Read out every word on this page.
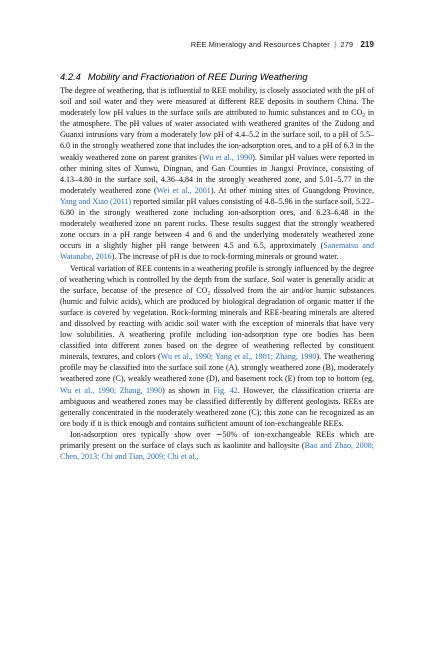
REE Mineralogy and Resources Chapter | 279 219
4.2.4 Mobility and Fractionation of REE During Weathering

The degree of weathering, that is influential to REE mobility, is closely associated with the pH of soil and soil water and they were measured at different REE deposits in southern China. The moderately low pH values in the surface soils are attributed to humic substances and to $CO_2$ in the atmosphere. The pH values of water associated with weathered granites of the Zudong and Guanxi intrusions vary from a moderately low pH of 4.4–5.2 in the surface soil, to a pH of 5.5–6.0 in the strongly weathered zone that includes the ion-adsorption ores, and to a pH of 6.3 in the weakly weathered zone on parent granites (Wu et al., 1990). Similar pH values were reported in other mining sites of Xunwu, Dingnan, and Gan Counties in Jiangxi Province, consisting of 4.13–4.80 in the surface soil, 4.36–4.84 in the strongly weathered zone, and 5.01–5.77 in the moderately weathered zone (Wei et al., 2001). At other mining sites of Guangdong Province, Yang and Xiao (2011) reported similar pH values consisting of 4.8–5.96 in the surface soil, 5.22–6.80 in the strongly weathered zone including ion-adsorption ores, and 6.23–6.48 in the moderately weathered zone on parent rocks. These results suggest that the strongly weathered zone occurs in a pH range between 4 and 6 and the underlying moderately weathered zone occurs in a slightly higher pH range between 4.5 and 6.5, approximately (Sanematsu and Watanabe, 2016). The increase of pH is due to rock-forming minerals or ground water.

Vertical variation of REE contents in a weathering profile is strongly influenced by the degree of weathering which is controlled by the depth from the surface. Soil water is generally acidic at the surface, because of the presence of $CO_2$ dissolved from the air and/or humic substances (humic and fulvic acids), which are produced by biological degradation of organic matter if the surface is covered by vegetation. Rock-forming minerals and REE-bearing minerals are altered and dissolved by reacting with acidic soil water with the exception of minerals that have very low solubilities. A weathering profile including ion-adsorption type ore bodies has been classified into different zones based on the degree of weathering reflected by constituent minerals, textures, and colors (Wu et al., 1990; Yang et al., 1981; Zhang, 1990). The weathering profile may be classified into the surface soil zone (A), strongly weathered zone (B), moderately weathered zone (C), weakly weathered zone (D), and basement rock (E) from top to bottom (eg, Wu et al., 1990; Zhang, 1990) as shown in Fig. 42. However, the classification criteria are ambiguous and weathered zones may be classified differently by different geologists. REEs are generally concentrated in the moderately weathered zone (C); this zone can be recognized as an ore body if it is thick enough and contains sufficient amount of ion-exchangeable REEs.

Ion-adsorption ores typically show over ∼50% of ion-exchangeable REEs which are primarily present on the surface of clays such as kaolinite and halloysite (Bao and Zhao, 2008; Chen, 2013; Chi and Tian, 2009; Chi et al.,
